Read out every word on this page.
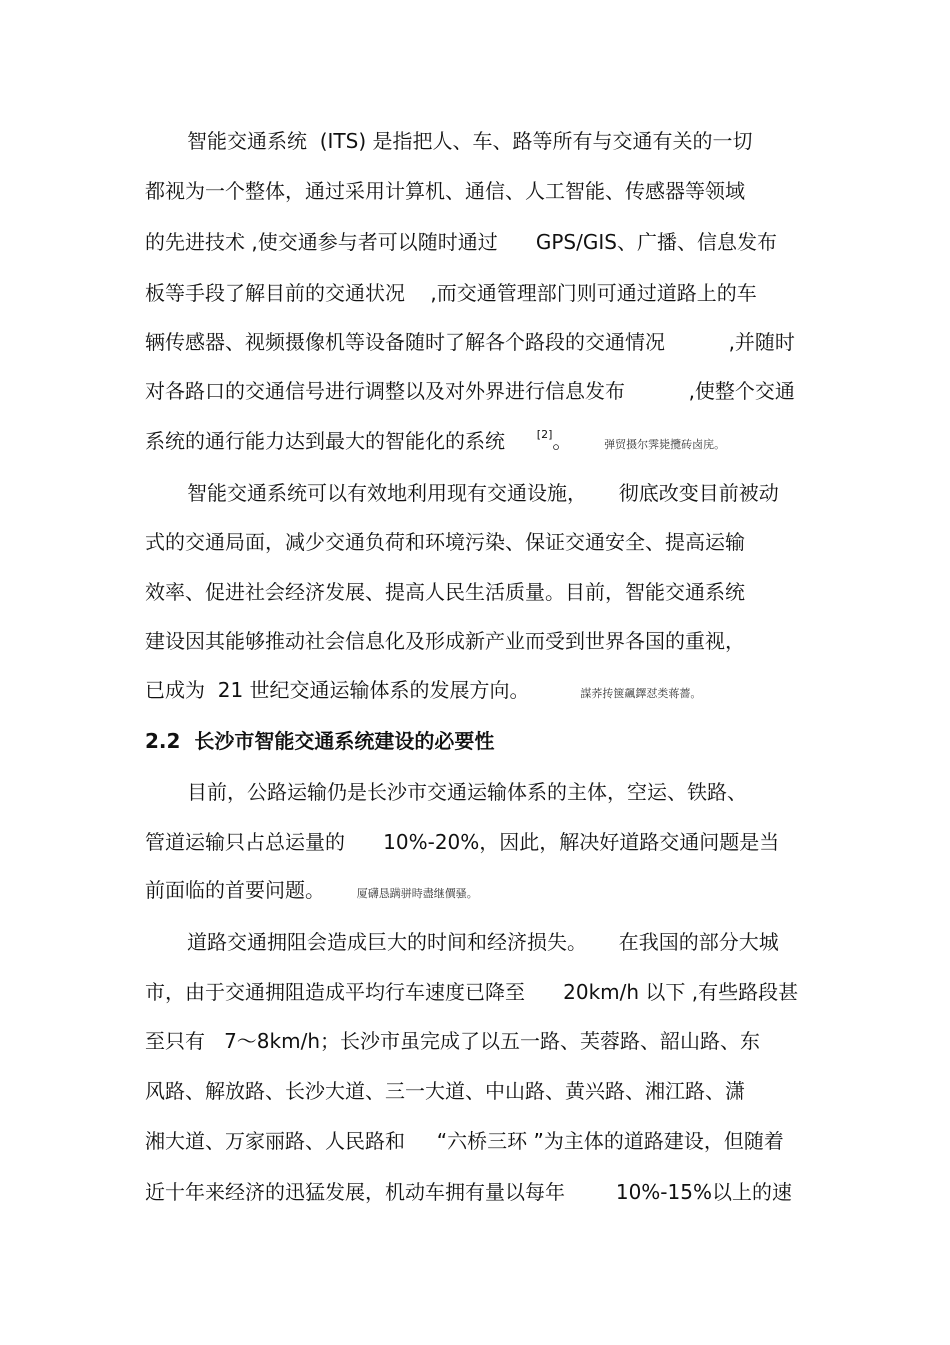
智能交通系统  (ITS) 是指把人、车、路等所有与交通有关的一切
都视为一个整体，通过采用计算机、通信、人工智能、传感器等领域
的先进技术 ,使交通参与者可以随时通过      GPS/GIS、广播、信息发布
板等手段了解目前的交通状况    ,而交通管理部门则可通过道路上的车
辆传感器、视频摄像机等设备随时了解各个路段的交通情况          ,并随时
对各路口的交通信号进行调整以及对外界进行信息发布          ,使整个交通
系统的通行能力达到最大的智能化的系统     [2]。	弹贸摄尔霁毙攬砖卤庑。
智能交通系统可以有效地利用现有交通设施，     彻底改变目前被动
式的交通局面，减少交通负荷和环境污染、保证交通安全、提高运输
效率、促进社会经济发展、提高人民生活质量。目前，智能交通系统
建设因其能够推动社会信息化及形成新产业而受到世界各国的重视，
已成为  21 世纪交通运输体系的发展方向。	謀荞抟箧飆鐸怼类蒋薔。
2.2  长沙市智能交通系统建设的必要性
目前，公路运输仍是长沙市交通运输体系的主体，空运、铁路、
管道运输只占总运量的      10%-20%，因此，解决好道路交通问题是当
前面临的首要问题。	厦礴恳蹒骈時盡继價骚。
道路交通拥阻会造成巨大的时间和经济损失。     在我国的部分大城
市，由于交通拥阻造成平均行车速度已降至      20km/h 以下 ,有些路段甚
至只有   7～8km/h；长沙市虽完成了以五一路、芙蓉路、韶山路、东
风路、解放路、长沙大道、三一大道、中山路、黄兴路、湘江路、潇
湘大道、万家丽路、人民路和     “六桥三环 ”为主体的道路建设，但随着
近十年来经济的迅猛发展，机动车拥有量以每年        10%-15%以上的速
